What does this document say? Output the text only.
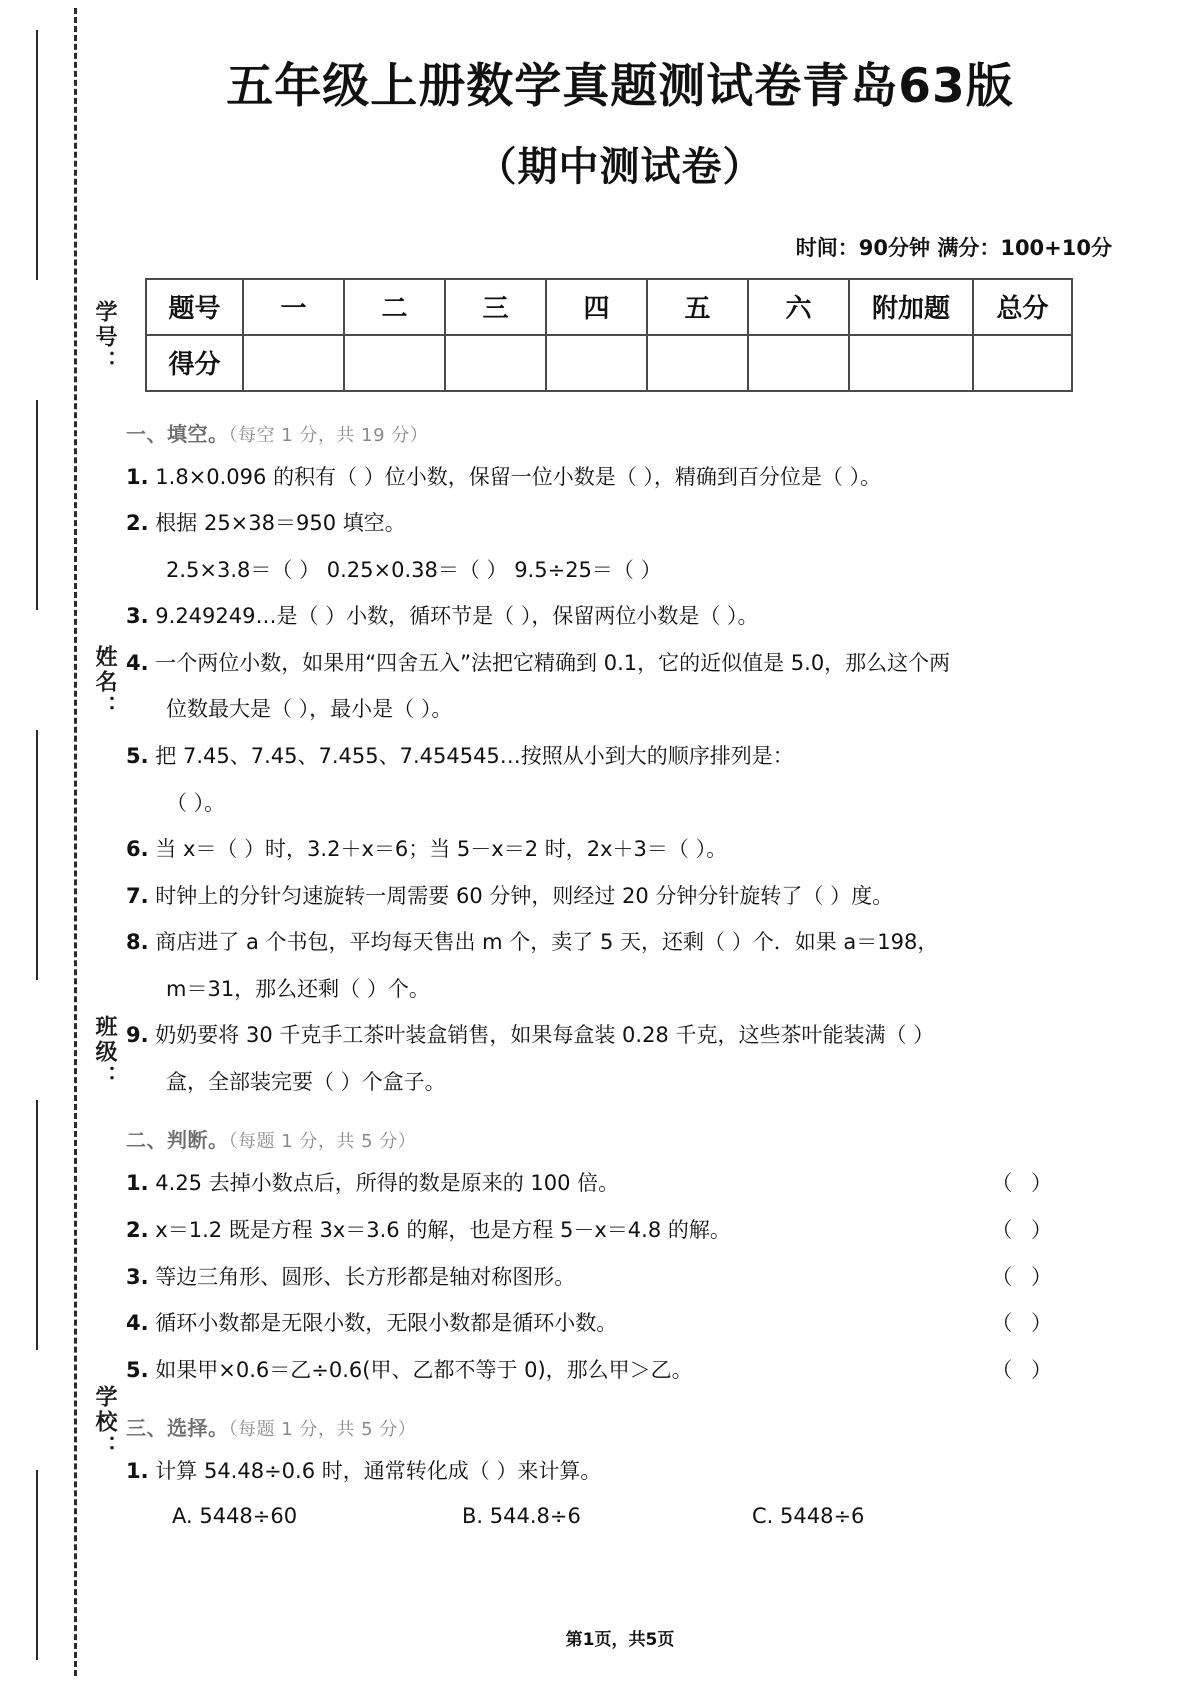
学号：
姓名：
班级：
学校：
五年级上册数学真题测试卷青岛63版
（期中测试卷）
时间：90分钟 满分：100+10分
题号	一	二	三	四	五	六	附加题	总分
得分								
一、填空。（每空 1 分，共 19 分）
1. 1.8×0.096 的积有（ ）位小数，保留一位小数是（ ），精确到百分位是（ ）。
2. 根据 25×38＝950 填空。
2.5×3.8＝（ ） 0.25×0.38＝（ ） 9.5÷25＝（ ）
3. 9.249249…是（ ）小数，循环节是（ ），保留两位小数是（ ）。
4. 一个两位小数，如果用“四舍五入”法把它精确到 0.1，它的近似值是 5.0，那么这个两
位数最大是（ ），最小是（ ）。
5. 把 7.45、7.45、7.455、7.454545…按照从小到大的顺序排列是：
（ ）。
6. 当 x＝（ ）时，3.2＋x＝6；当 5－x＝2 时，2x＋3＝（ ）。
7. 时钟上的分针匀速旋转一周需要 60 分钟，则经过 20 分钟分针旋转了（ ）度。
8. 商店进了 a 个书包，平均每天售出 m 个，卖了 5 天，还剩（ ）个．如果 a＝198，
m＝31，那么还剩（ ）个。
9. 奶奶要将 30 千克手工茶叶装盒销售，如果每盒装 0.28 千克，这些茶叶能装满（ ）
盒，全部装完要（ ）个盒子。
二、判断。（每题 1 分，共 5 分）
（ ）
1. 4.25 去掉小数点后，所得的数是原来的 100 倍。
（ ）
2. x＝1.2 既是方程 3x＝3.6 的解，也是方程 5－x＝4.8 的解。
（ ）
3. 等边三角形、圆形、长方形都是轴对称图形。
（ ）
4. 循环小数都是无限小数，无限小数都是循环小数。
（ ）
5. 如果甲×0.6＝乙÷0.6(甲、乙都不等于 0)，那么甲＞乙。
三、选择。（每题 1 分，共 5 分）
1. 计算 54.48÷0.6 时，通常转化成（ ）来计算。
A. 5448÷60	B. 544.8÷6	C. 5448÷6
第1页，共5页
